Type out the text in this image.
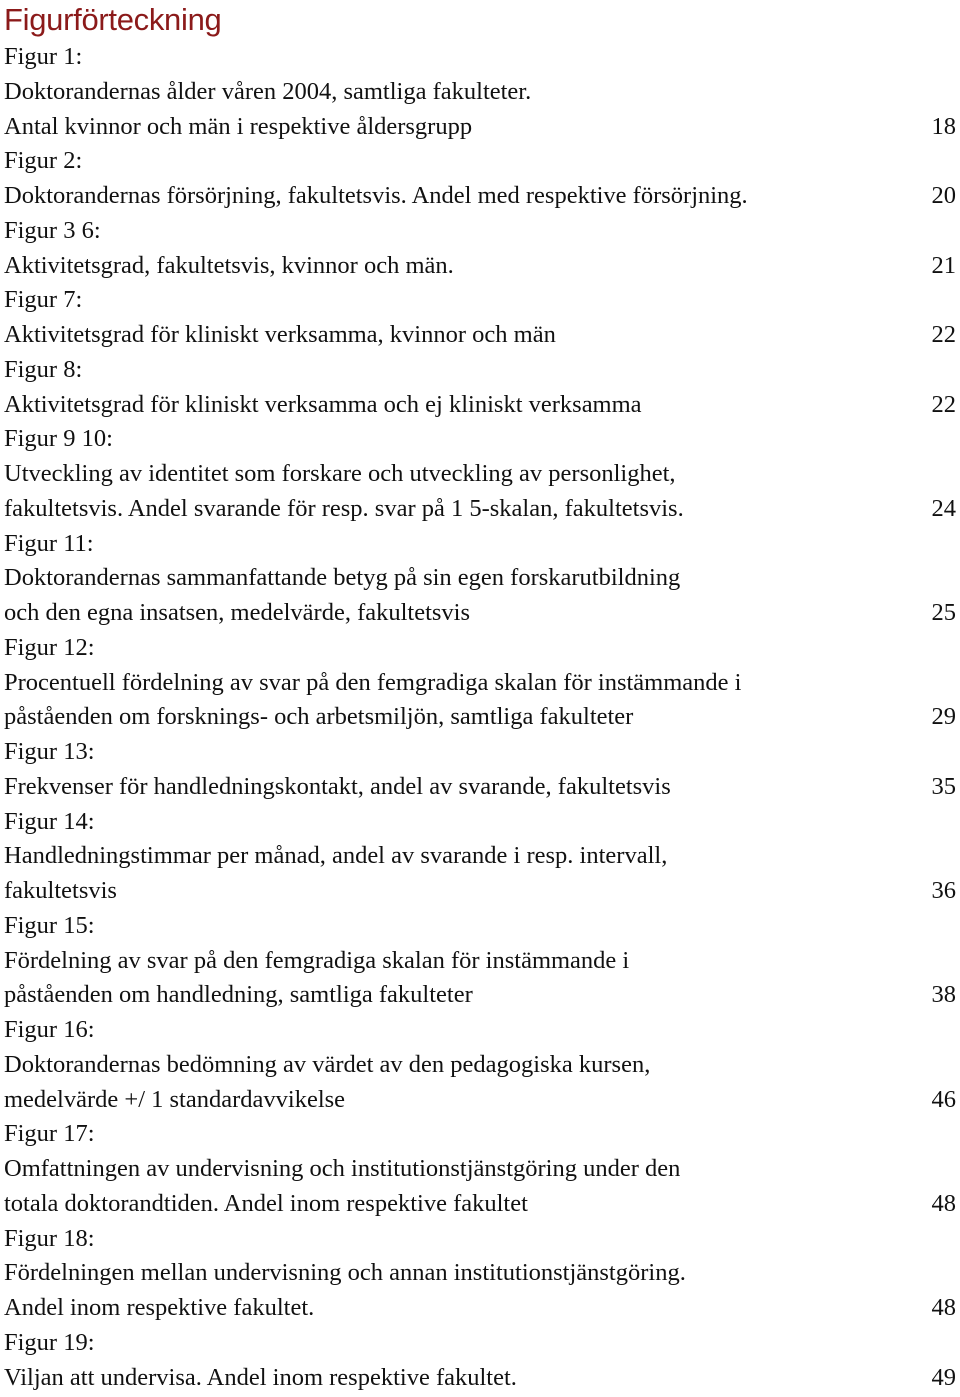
Figurförteckning
Figur 1:
Doktorandernas ålder våren 2004, samtliga fakulteter.
Antal kvinnor och män i respektive åldersgrupp	18
Figur 2:
Doktorandernas försörjning, fakultetsvis. Andel med respektive försörjning.	20
Figur 3 6:
Aktivitetsgrad, fakultetsvis, kvinnor och män.	21
Figur 7:
Aktivitetsgrad för kliniskt verksamma, kvinnor och män	22
Figur 8:
Aktivitetsgrad för kliniskt verksamma och ej kliniskt verksamma	22
Figur 9 10:
Utveckling av identitet som forskare och utveckling av personlighet,
fakultetsvis. Andel svarande för resp. svar på 1 5-skalan, fakultetsvis.	24
Figur 11:
Doktorandernas sammanfattande betyg på sin egen forskarutbildning
och den egna insatsen, medelvärde, fakultetsvis	25
Figur 12:
Procentuell fördelning av svar på den femgradiga skalan för instämmande i
påståenden om forsknings- och arbetsmiljön, samtliga fakulteter	29
Figur 13:
Frekvenser för handledningskontakt, andel av svarande, fakultetsvis	35
Figur 14:
Handledningstimmar per månad, andel av svarande i resp. intervall,
fakultetsvis	36
Figur 15:
Fördelning av svar på den femgradiga skalan för instämmande i
påståenden om handledning, samtliga fakulteter	38
Figur 16:
Doktorandernas bedömning av värdet av den pedagogiska kursen,
medelvärde +/ 1 standardavvikelse	46
Figur 17:
Omfattningen av undervisning och institutionstjänstgöring under den
totala doktorandtiden. Andel inom respektive fakultet	48
Figur 18:
Fördelningen mellan undervisning och annan institutionstjänstgöring.
Andel inom respektive fakultet.	48
Figur 19:
Viljan att undervisa. Andel inom respektive fakultet.	49
